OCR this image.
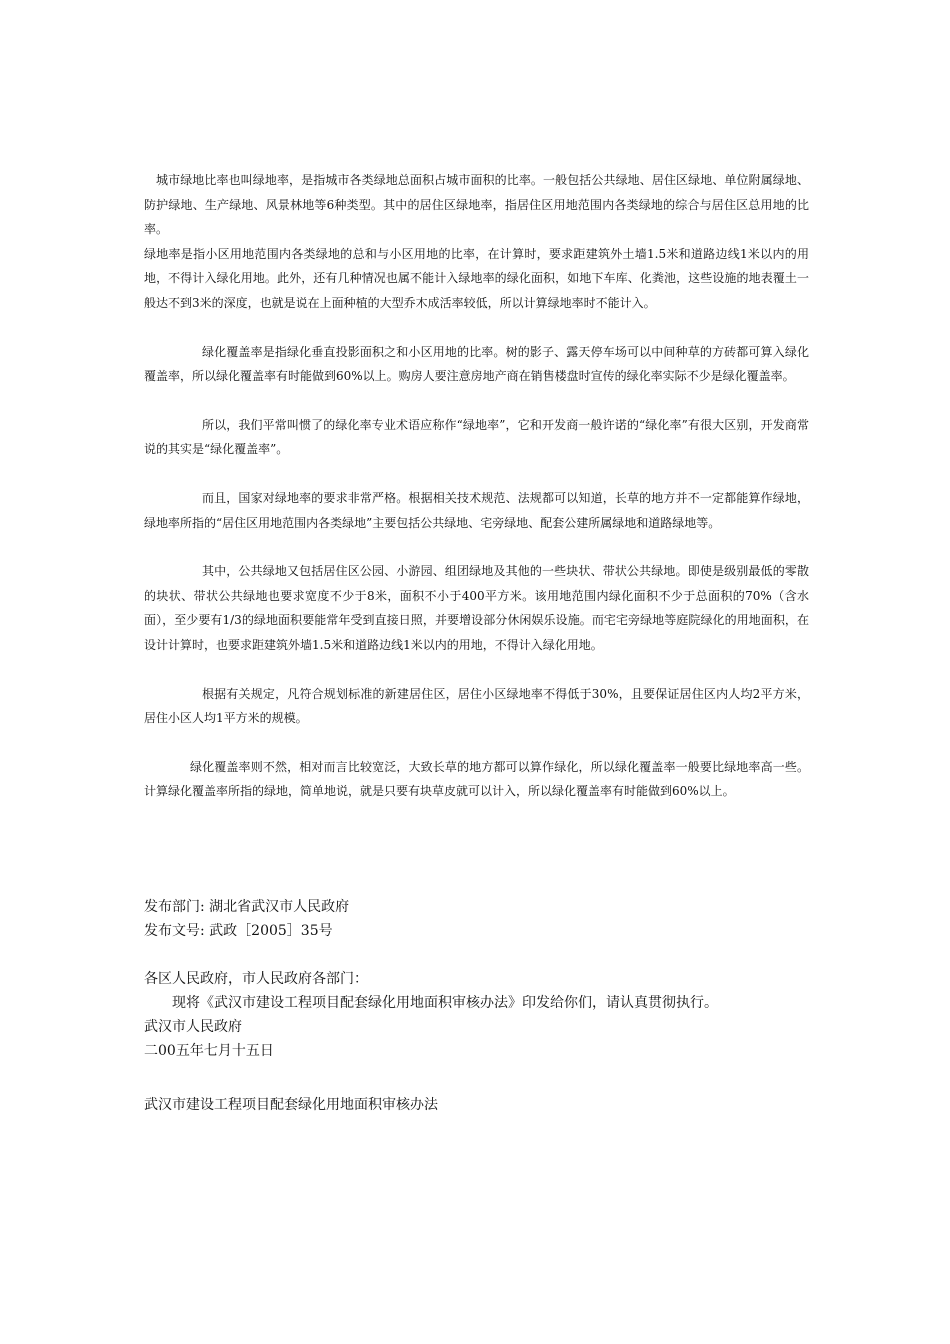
城市绿地比率也叫绿地率，是指城市各类绿地总面积占城市面积的比率。一般包括公共绿地、居住区绿地、单位附属绿地、防护绿地、生产绿地、风景林地等6种类型。其中的居住区绿地率，指居住区用地范围内各类绿地的综合与居住区总用地的比率。

绿地率是指小区用地范围内各类绿地的总和与小区用地的比率，在计算时，要求距建筑外土墙1.5米和道路边线1米以内的用地，不得计入绿化用地。此外，还有几种情况也属不能计入绿地率的绿化面积，如地下车库、化粪池，这些设施的地表覆土一般达不到3米的深度，也就是说在上面种植的大型乔木成活率较低，所以计算绿地率时不能计入。

绿化覆盖率是指绿化垂直投影面积之和小区用地的比率。树的影子、露天停车场可以中间种草的方砖都可算入绿化覆盖率，所以绿化覆盖率有时能做到60%以上。购房人要注意房地产商在销售楼盘时宣传的绿化率实际不少是绿化覆盖率。

所以，我们平常叫惯了的绿化率专业术语应称作“绿地率”，它和开发商一般许诺的“绿化率”有很大区别，开发商常说的其实是“绿化覆盖率”。

而且，国家对绿地率的要求非常严格。根据相关技术规范、法规都可以知道，长草的地方并不一定都能算作绿地，绿地率所指的“居住区用地范围内各类绿地”主要包括公共绿地、宅旁绿地、配套公建所属绿地和道路绿地等。

其中，公共绿地又包括居住区公园、小游园、组团绿地及其他的一些块状、带状公共绿地。即使是级别最低的零散的块状、带状公共绿地也要求宽度不少于8米，面积不小于400平方米。该用地范围内绿化面积不少于总面积的70%（含水面），至少要有1/3的绿地面积要能常年受到直接日照，并要增设部分休闲娱乐设施。而宅宅旁绿地等庭院绿化的用地面积，在设计计算时，也要求距建筑外墙1.5米和道路边线1米以内的用地，不得计入绿化用地。

根据有关规定，凡符合规划标准的新建居住区，居住小区绿地率不得低于30%，且要保证居住区内人均2平方米，居住小区人均1平方米的规模。

绿化覆盖率则不然，相对而言比较宽泛，大致长草的地方都可以算作绿化，所以绿化覆盖率一般要比绿地率高一些。计算绿化覆盖率所指的绿地，简单地说，就是只要有块草皮就可以计入，所以绿化覆盖率有时能做到60%以上。

发布部门: 湖北省武汉市人民政府

发布文号: 武政［2005］35号

各区人民政府，市人民政府各部门：

现将《武汉市建设工程项目配套绿化用地面积审核办法》印发给你们，请认真贯彻执行。

武汉市人民政府

二00五年七月十五日

武汉市建设工程项目配套绿化用地面积审核办法
